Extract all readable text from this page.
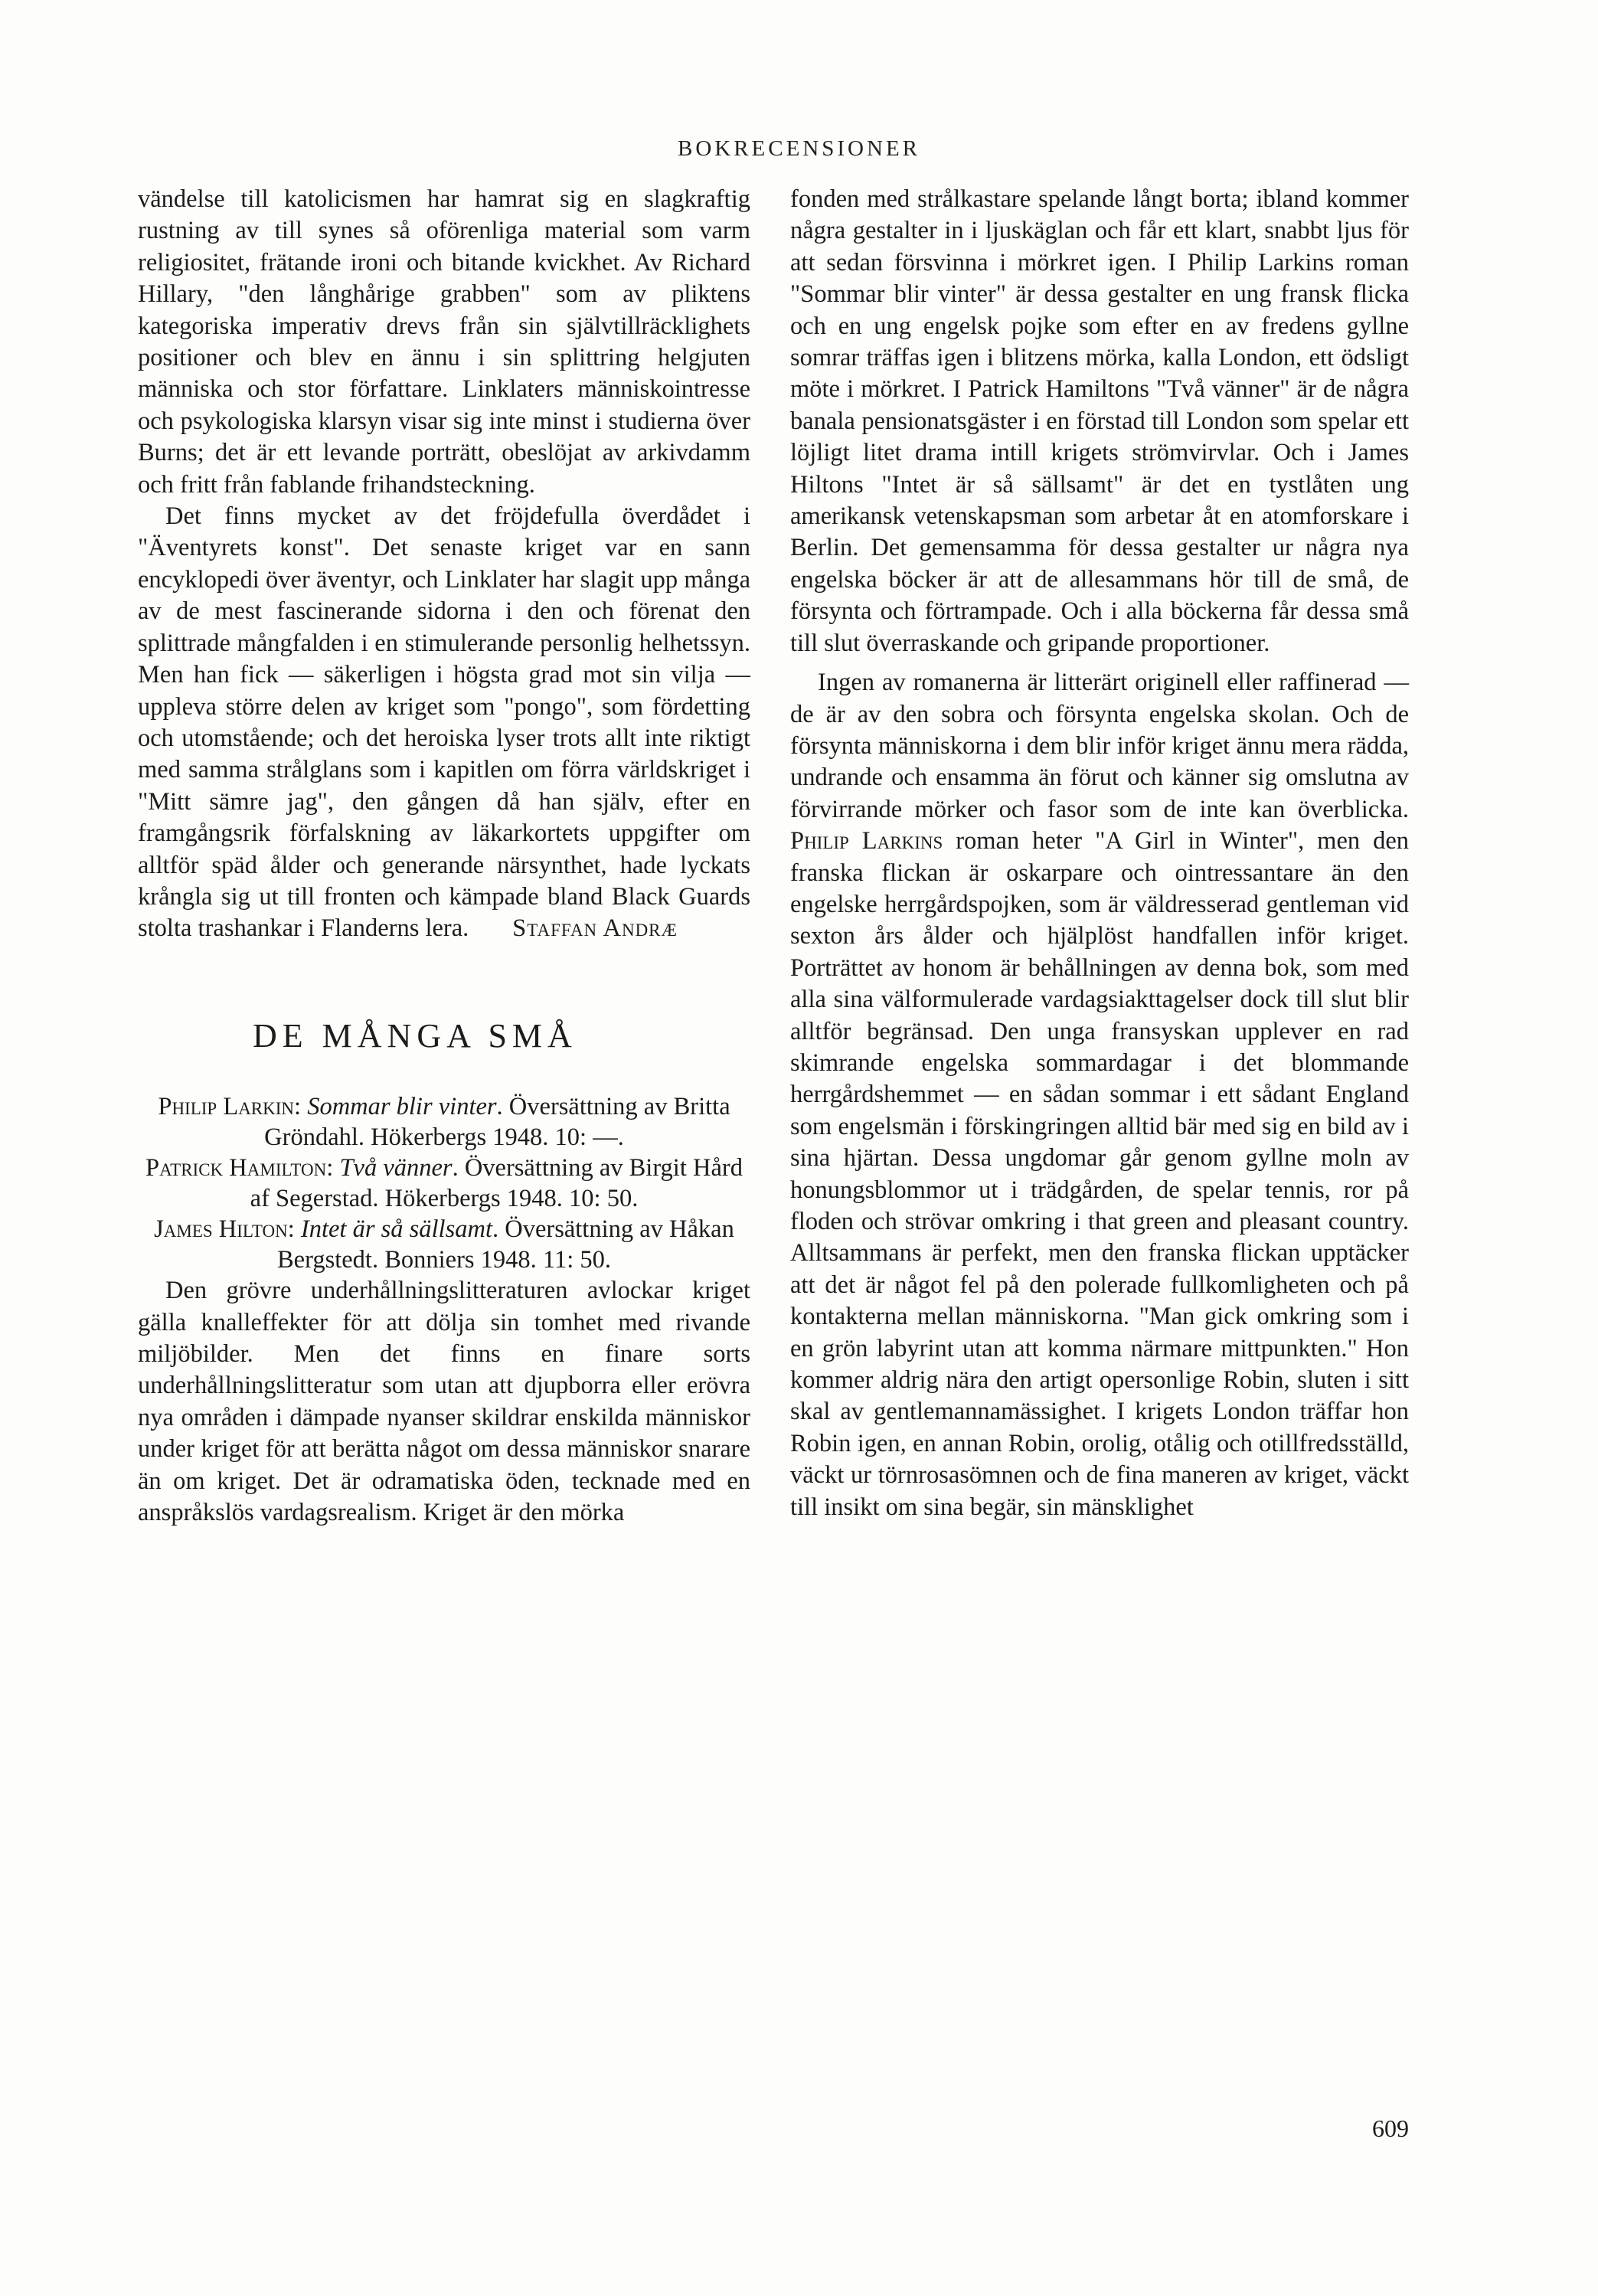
BOKRECENSIONER

vändelse till katolicismen har hamrat sig en slagkraftig rustning av till synes så oförenliga material som varm religiositet, frätande ironi och bitande kvickhet. Av Richard Hillary, "den långhårige grabben" som av pliktens kategoriska imperativ drevs från sin självtillräcklighets positioner och blev en ännu i sin splittring helgjuten människa och stor författare. Linklaters människointresse och psykologiska klarsyn visar sig inte minst i studierna över Burns; det är ett levande porträtt, obeslöjat av arkivdamm och fritt från fablande frihandsteckning.

Det finns mycket av det fröjdefulla överdådet i "Äventyrets konst". Det senaste kriget var en sann encyklopedi över äventyr, och Linklater har slagit upp många av de mest fascinerande sidorna i den och förenat den splittrade mångfalden i en stimulerande personlig helhetssyn. Men han fick — säkerligen i högsta grad mot sin vilja — uppleva större delen av kriget som "pongo", som fördetting och utomstående; och det heroiska lyser trots allt inte riktigt med samma strålglans som i kapitlen om förra världskriget i "Mitt sämre jag", den gången då han själv, efter en framgångsrik förfalskning av läkarkortets uppgifter om alltför späd ålder och generande närsynthet, hade lyckats krångla sig ut till fronten och kämpade bland Black Guards stolta trashankar i Flanderns lera. Staffan Andræ

DE MÅNGA SMÅ

Philip Larkin: Sommar blir vinter. Översättning av Britta Gröndahl. Hökerbergs 1948. 10: —.

Patrick Hamilton: Två vänner. Översättning av Birgit Hård af Segerstad. Hökerbergs 1948. 10: 50.

James Hilton: Intet är så sällsamt. Översättning av Håkan Bergstedt. Bonniers 1948. 11: 50.

Den grövre underhållningslitteraturen avlockar kriget gälla knalleffekter för att dölja sin tomhet med rivande miljöbilder. Men det finns en finare sorts underhållningslitteratur som utan att djupborra eller erövra nya områden i dämpade nyanser skildrar enskilda människor under kriget för att berätta något om dessa människor snarare än om kriget. Det är odramatiska öden, tecknade med en anspråkslös vardagsrealism. Kriget är den mörka

fonden med strålkastare spelande långt borta; ibland kommer några gestalter in i ljuskäglan och får ett klart, snabbt ljus för att sedan försvinna i mörkret igen. I Philip Larkins roman "Sommar blir vinter" är dessa gestalter en ung fransk flicka och en ung engelsk pojke som efter en av fredens gyllne somrar träffas igen i blitzens mörka, kalla London, ett ödsligt möte i mörkret. I Patrick Hamiltons "Två vänner" är de några banala pensionatsgäster i en förstad till London som spelar ett löjligt litet drama intill krigets strömvirvlar. Och i James Hiltons "Intet är så sällsamt" är det en tystlåten ung amerikansk vetenskapsman som arbetar åt en atomforskare i Berlin. Det gemensamma för dessa gestalter ur några nya engelska böcker är att de allesammans hör till de små, de försynta och förtrampade. Och i alla böckerna får dessa små till slut överraskande och gripande proportioner.

Ingen av romanerna är litterärt originell eller raffinerad — de är av den sobra och försynta engelska skolan. Och de försynta människorna i dem blir inför kriget ännu mera rädda, undrande och ensamma än förut och känner sig omslutna av förvirrande mörker och fasor som de inte kan överblicka. Philip Larkins roman heter "A Girl in Winter", men den franska flickan är oskarpare och ointressantare än den engelske herrgårdspojken, som är väldresserad gentleman vid sexton års ålder och hjälplöst handfallen inför kriget. Porträttet av honom är behållningen av denna bok, som med alla sina välformulerade vardagsiakttagelser dock till slut blir alltför begränsad. Den unga fransyskan upplever en rad skimrande engelska sommardagar i det blommande herrgårdshemmet — en sådan sommar i ett sådant England som engelsmän i förskingringen alltid bär med sig en bild av i sina hjärtan. Dessa ungdomar går genom gyllne moln av honungsblommor ut i trädgården, de spelar tennis, ror på floden och strövar omkring i that green and pleasant country. Alltsammans är perfekt, men den franska flickan upptäcker att det är något fel på den polerade fullkomligheten och på kontakterna mellan människorna. "Man gick omkring som i en grön labyrint utan att komma närmare mittpunkten." Hon kommer aldrig nära den artigt opersonlige Robin, sluten i sitt skal av gentlemannamässighet. I krigets London träffar hon Robin igen, en annan Robin, orolig, otålig och otillfredsställd, väckt ur törnrosasömnen och de fina maneren av kriget, väckt till insikt om sina begär, sin mänsklighet

609
